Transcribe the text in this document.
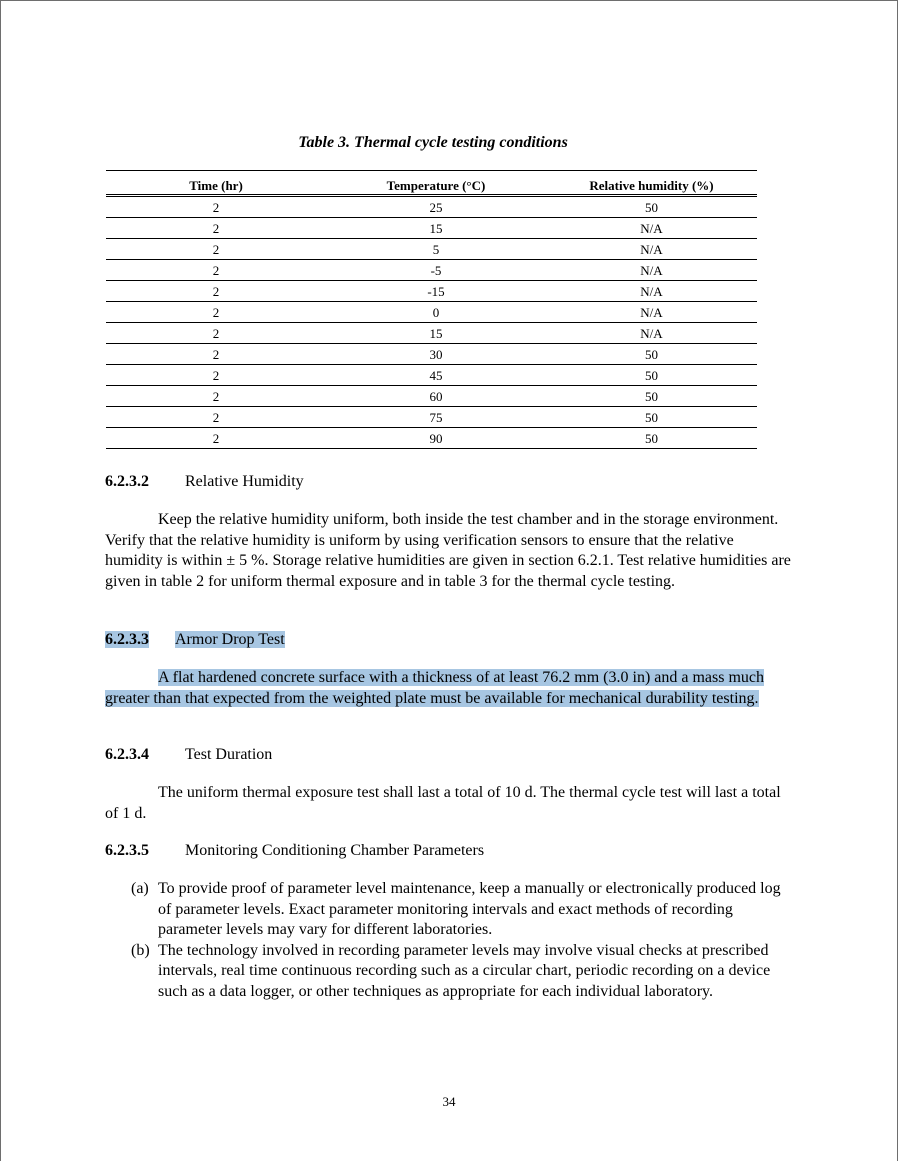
Table 3. Thermal cycle testing conditions
Time (hr)	Temperature (°C)	Relative humidity (%)
2	25	50
2	15	N/A
2	5	N/A
2	-5	N/A
2	-15	N/A
2	0	N/A
2	15	N/A
2	30	50
2	45	50
2	60	50
2	75	50
2	90	50
6.2.3.2 Relative Humidity

Keep the relative humidity uniform, both inside the test chamber and in the storage environment. Verify that the relative humidity is uniform by using verification sensors to ensure that the relative humidity is within ± 5 %. Storage relative humidities are given in section 6.2.1. Test relative humidities are given in table 2 for uniform thermal exposure and in table 3 for the thermal cycle testing.

6.2.3.3 Armor Drop Test

A flat hardened concrete surface with a thickness of at least 76.2 mm (3.0 in) and a mass much greater than that expected from the weighted plate must be available for mechanical durability testing.

6.2.3.4 Test Duration

The uniform thermal exposure test shall last a total of 10 d. The thermal cycle test will last a total of 1 d.

6.2.3.5 Monitoring Conditioning Chamber Parameters
(a) To provide proof of parameter level maintenance, keep a manually or electronically produced log of parameter levels. Exact parameter monitoring intervals and exact methods of recording parameter levels may vary for different laboratories.
(b) The technology involved in recording parameter levels may involve visual checks at prescribed intervals, real time continuous recording such as a circular chart, periodic recording on a device such as a data logger, or other techniques as appropriate for each individual laboratory.
34
